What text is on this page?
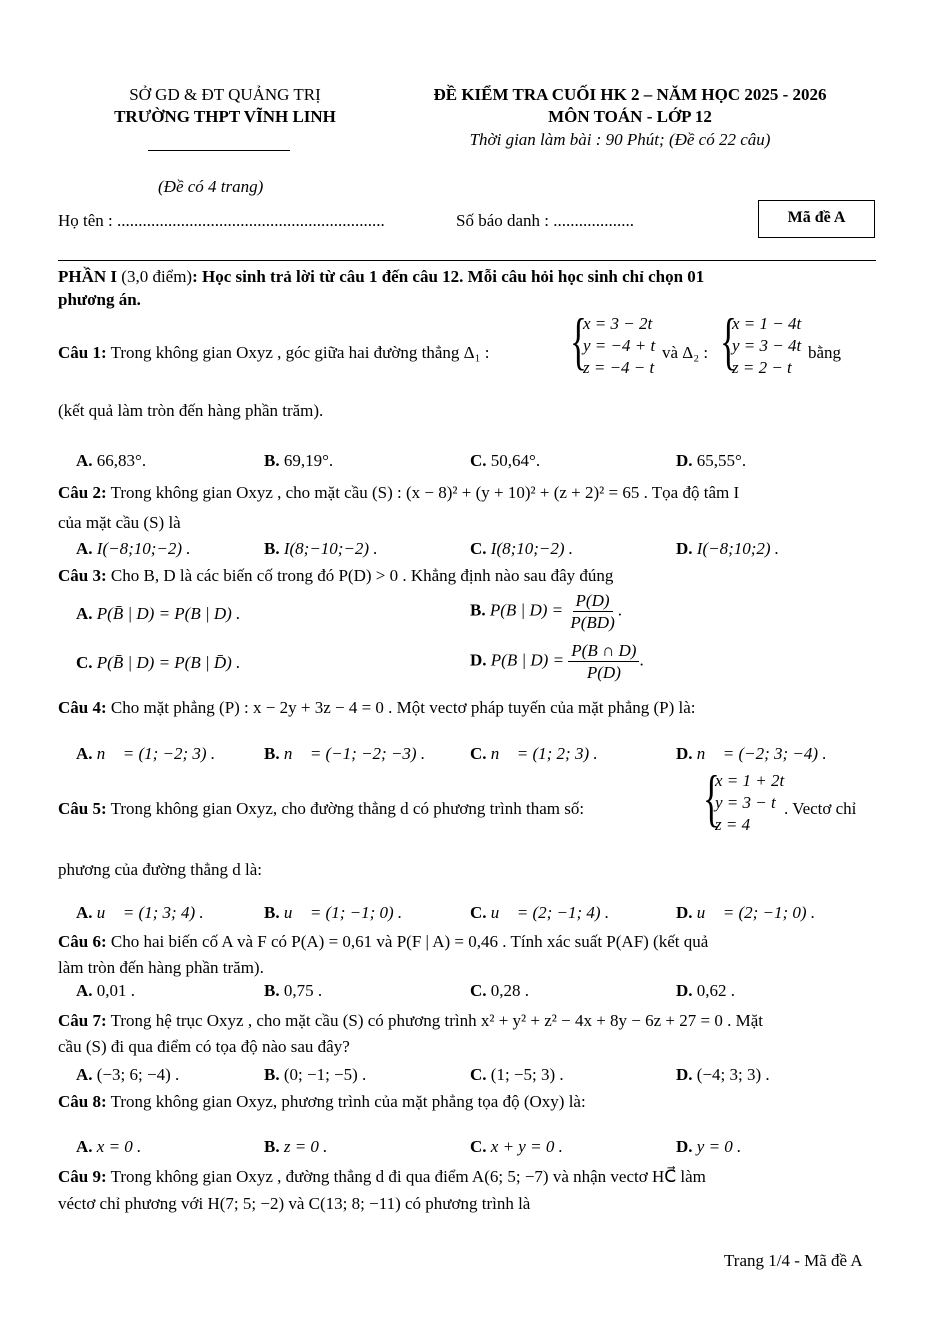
SỞ GD & ĐT QUẢNG TRỊ
TRƯỜNG THPT VĨNH LINH
ĐỀ KIỂM TRA CUỐI HK 2 – NĂM HỌC 2025 - 2026
MÔN TOÁN - LỚP 12
Thời gian làm bài : 90 Phút; (Đề có 22 câu)
(Đề có 4 trang)
Họ tên : ...............................................................	Số báo danh : ...................	Mã đề A
PHẦN I (3,0 điểm): Học sinh trả lời từ câu 1 đến câu 12. Mỗi câu hỏi học sinh chỉ chọn 01
phương án.
Câu 1: Trong không gian Oxyz , góc giữa hai đường thẳng Δ₁ : {
x = 3 − 2t
y = −4 + t
z = −4 − t
và Δ₂ : {
x = 1 − 4t
y = 3 − 4t
z = 2 − t
bằng
(kết quả làm tròn đến hàng phần trăm).
A. 66,83°.	B. 69,19°.	C. 50,64°.	D. 65,55°.
Câu 2: Trong không gian Oxyz , cho mặt cầu (S) : (x − 8)² + (y + 10)² + (z + 2)² = 65 . Tọa độ tâm I
của mặt cầu (S) là
A. I(−8;10;−2) .	B. I(8;−10;−2) .	C. I(8;10;−2) .	D. I(−8;10;2) .
Câu 3: Cho B, D là các biến cố trong đó P(D) > 0 . Khẳng định nào sau đây đúng
A. P(B̄ | D) = P(B | D) .	B. P(B | $D) = \frac{P(D)}{P(BD)}$ .
C. P(B̄ | D) = P(B | D̄) .	D. P(B | $D) = \frac{P(B \cap D)}{P(D)}$ .
Câu 4: Cho mặt phẳng (P) : x − 2y + 3z − 4 = 0 . Một vectơ pháp tuyến của mặt phẳng (P) là:
A. n⃗ = (1; −2; 3) .	B. n⃗ = (−1; −2; −3) .	C. n⃗ = (1; 2; 3) .	D. n⃗ = (−2; 3; −4) .
Câu 5: Trong không gian Oxyz, cho đường thẳng d có phương trình tham số: {
x = 1 + 2t
y = 3 − t
z = 4
. Vectơ chỉ
phương của đường thẳng d là:
A. u⃗ = (1; 3; 4) .	B. u⃗ = (1; −1; 0) .	C. u⃗ = (2; −1; 4) .	D. u⃗ = (2; −1; 0) .
Câu 6: Cho hai biến cố A và F có P(A) = 0,61 và P(F | A) = 0,46 . Tính xác suất P(AF) (kết quả
làm tròn đến hàng phần trăm).
A. 0,01 .	B. 0,75 .	C. 0,28 .	D. 0,62 .
Câu 7: Trong hệ trục Oxyz , cho mặt cầu (S) có phương trình x² + y² + z² − 4x + 8y − 6z + 27 = 0 . Mặt
cầu (S) đi qua điểm có tọa độ nào sau đây?
A. (−3; 6; −4) .	B. (0; −1; −5) .	C. (1; −5; 3) .	D. (−4; 3; 3) .
Câu 8: Trong không gian Oxyz, phương trình của mặt phẳng tọa độ (Oxy) là:
A. x = 0 .	B. z = 0 .	C. x + y = 0 .	D. y = 0 .
Câu 9: Trong không gian Oxyz , đường thẳng d đi qua điểm A(6; 5; −7) và nhận vectơ HC⃗ làm
véctơ chỉ phương với H(7; 5; −2) và C(13; 8; −11) có phương trình là
Trang 1/4 - Mã đề A
